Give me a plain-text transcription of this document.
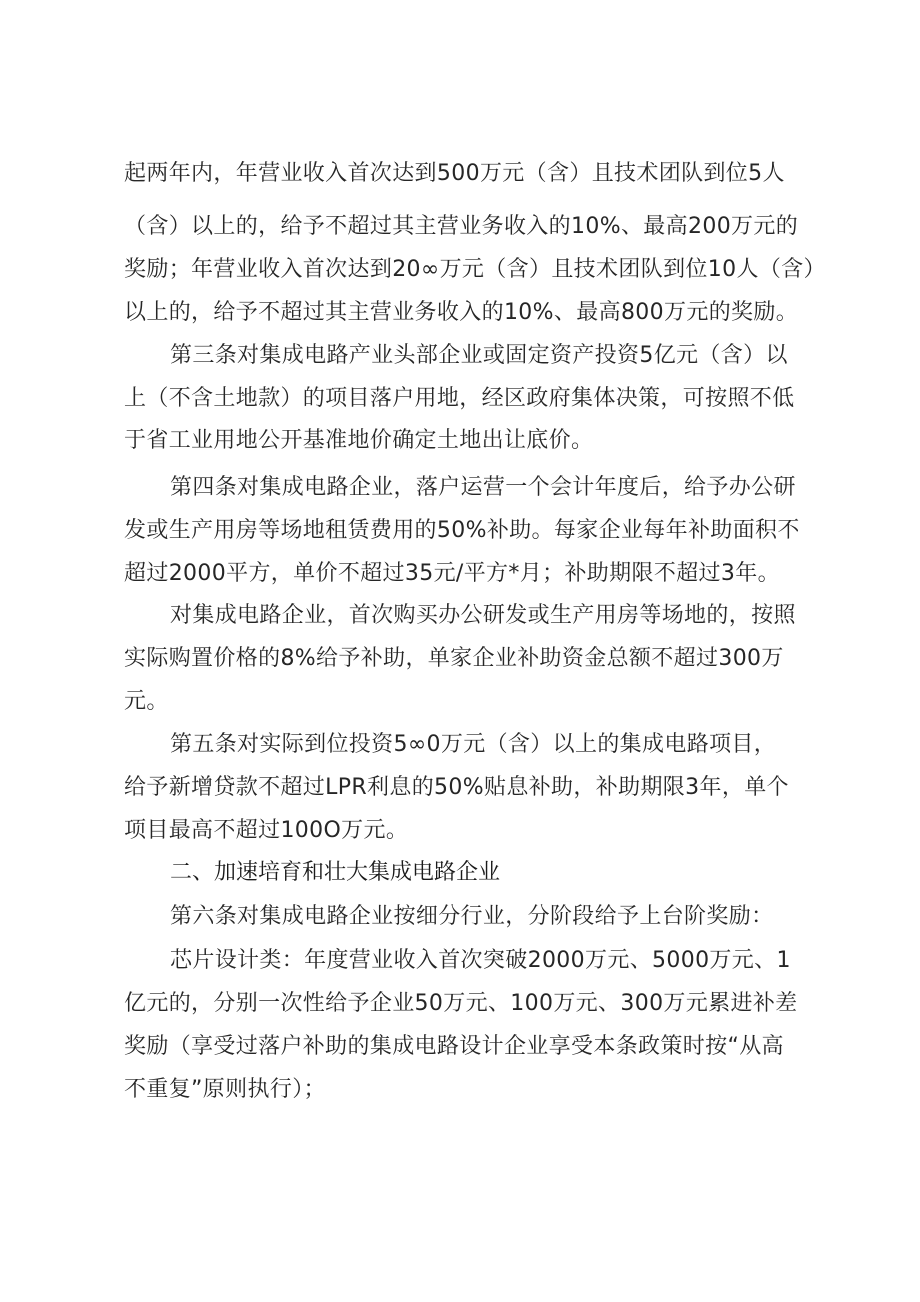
起两年内，年营业收入首次达到500万元（含）且技术团队到位5人
（含）以上的，给予不超过其主营业务收入的10%、最高200万元的
奖励；年营业收入首次达到20∞万元（含）且技术团队到位10人（含）
以上的，给予不超过其主营业务收入的10%、最高800万元的奖励。
第三条对集成电路产业头部企业或固定资产投资5亿元（含）以
上（不含土地款）的项目落户用地，经区政府集体决策，可按照不低
于省工业用地公开基准地价确定土地出让底价。
第四条对集成电路企业，落户运营一个会计年度后，给予办公研
发或生产用房等场地租赁费用的50%补助。每家企业每年补助面积不
超过2000平方，单价不超过35元/平方*月；补助期限不超过3年。
对集成电路企业，首次购买办公研发或生产用房等场地的，按照
实际购置价格的8%给予补助，单家企业补助资金总额不超过300万
元。
第五条对实际到位投资5∞0万元（含）以上的集成电路项目，
给予新增贷款不超过LPR利息的50%贴息补助，补助期限3年，单个
项目最高不超过100O万元。
二、加速培育和壮大集成电路企业
第六条对集成电路企业按细分行业，分阶段给予上台阶奖励：
芯片设计类：年度营业收入首次突破2000万元、5000万元、1
亿元的，分别一次性给予企业50万元、100万元、300万元累进补差
奖励（享受过落户补助的集成电路设计企业享受本条政策时按“从高
不重复”原则执行）；
